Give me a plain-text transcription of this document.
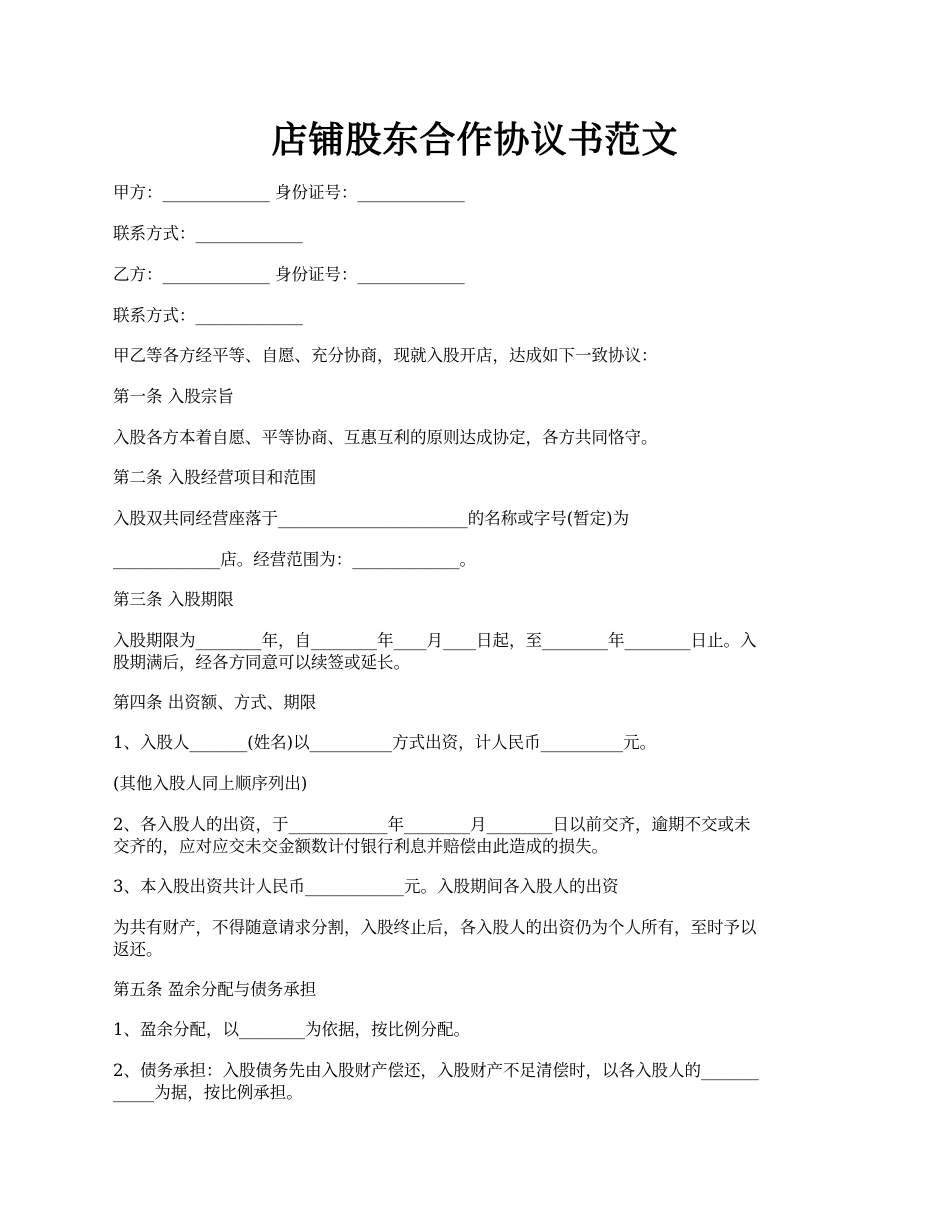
店铺股东合作协议书范文
甲方：_____________ 身份证号：_____________
联系方式：_____________
乙方：_____________ 身份证号：_____________
联系方式：_____________
甲乙等各方经平等、自愿、充分协商，现就入股开店，达成如下一致协议：
第一条 入股宗旨
入股各方本着自愿、平等协商、互惠互利的原则达成协定，各方共同恪守。
第二条 入股经营项目和范围
入股双共同经营座落于_______________________的名称或字号(暂定)为
_____________店。经营范围为：_____________。
第三条 入股期限
入股期限为________年，自________年____月____日起，至________年________日止。入
股期满后，经各方同意可以续签或延长。
第四条 出资额、方式、期限
1、入股人_______(姓名)以__________方式出资，计人民币__________元。
(其他入股人同上顺序列出)
2、各入股人的出资，于____________年________月________日以前交齐，逾期不交或未
交齐的，应对应交未交金额数计付银行利息并赔偿由此造成的损失。
3、本入股出资共计人民币____________元。入股期间各入股人的出资
为共有财产，不得随意请求分割，入股终止后，各入股人的出资仍为个人所有，至时予以
返还。
第五条 盈余分配与债务承担
1、盈余分配，以________为依据，按比例分配。
2、债务承担：入股债务先由入股财产偿还，入股财产不足清偿时，以各入股人的_______
_____为据，按比例承担。
